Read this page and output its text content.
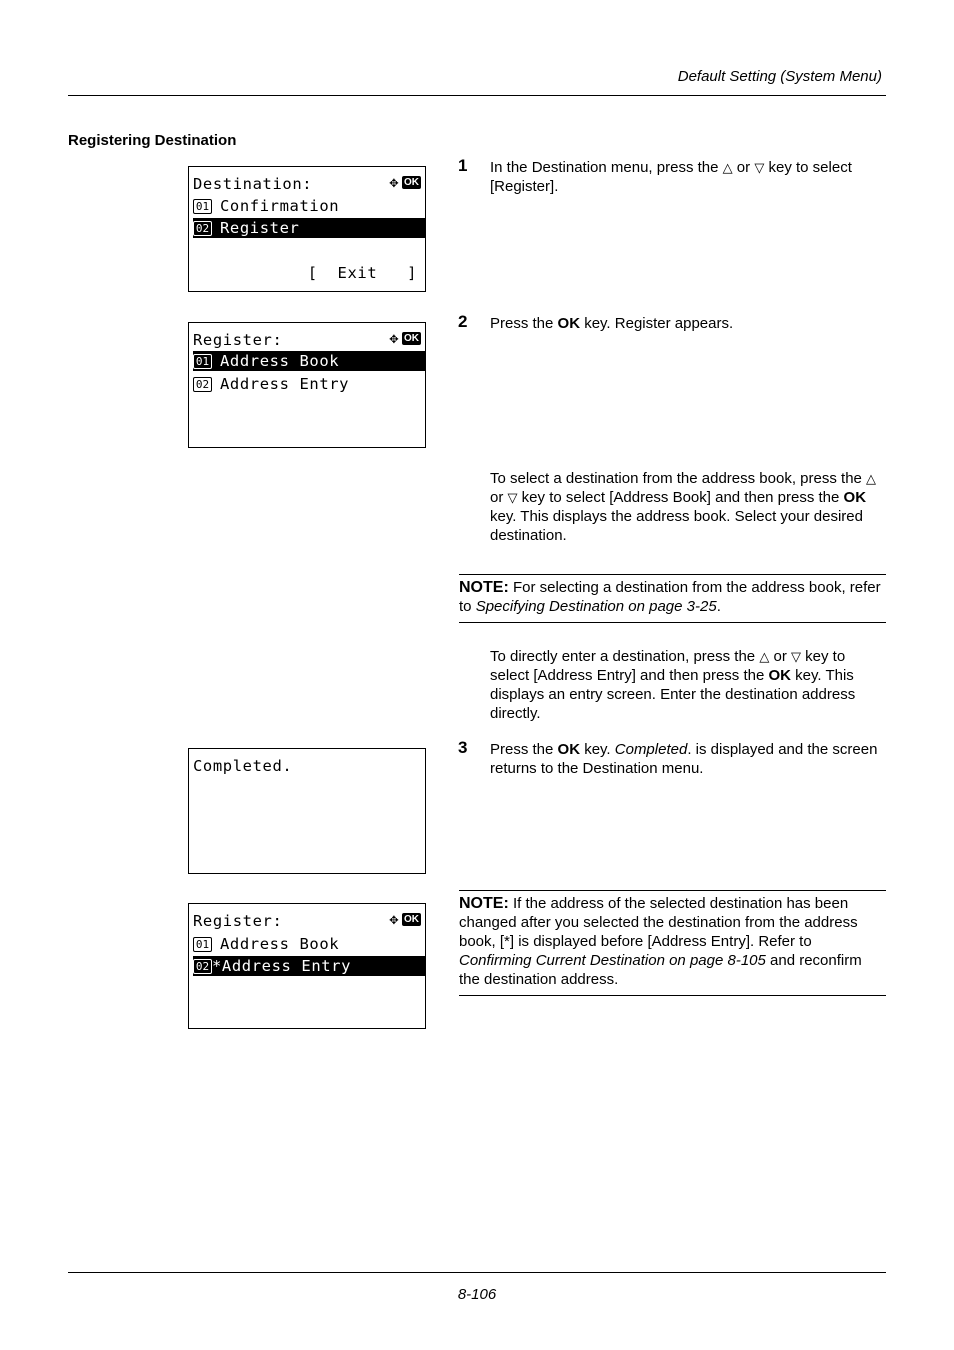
Default Setting (System Menu)
Registering Destination
Destination:	✥ OK
01 Confirmation
02 Register
[  Exit   ]
Register:	✥ OK
01 Address Book
02 Address Entry
Completed.
Register:	✥ OK
01 Address Book
02 *Address Entry
1 In the Destination menu, press the △ or ▽ key to select [Register].
2 Press the OK key. Register appears.
To select a destination from the address book, press the △ or ▽ key to select [Address Book] and then press the OK key. This displays the address book. Select your desired destination.
NOTE: For selecting a destination from the address book, refer to Specifying Destination on page 3-25.
To directly enter a destination, press the △ or ▽ key to select [Address Entry] and then press the OK key. This displays an entry screen. Enter the destination address directly.
3 Press the OK key. Completed. is displayed and the screen returns to the Destination menu.
NOTE: If the address of the selected destination has been changed after you selected the destination from the address book, [*] is displayed before [Address Entry]. Refer to Confirming Current Destination on page 8-105 and reconfirm the destination address.
8-106
